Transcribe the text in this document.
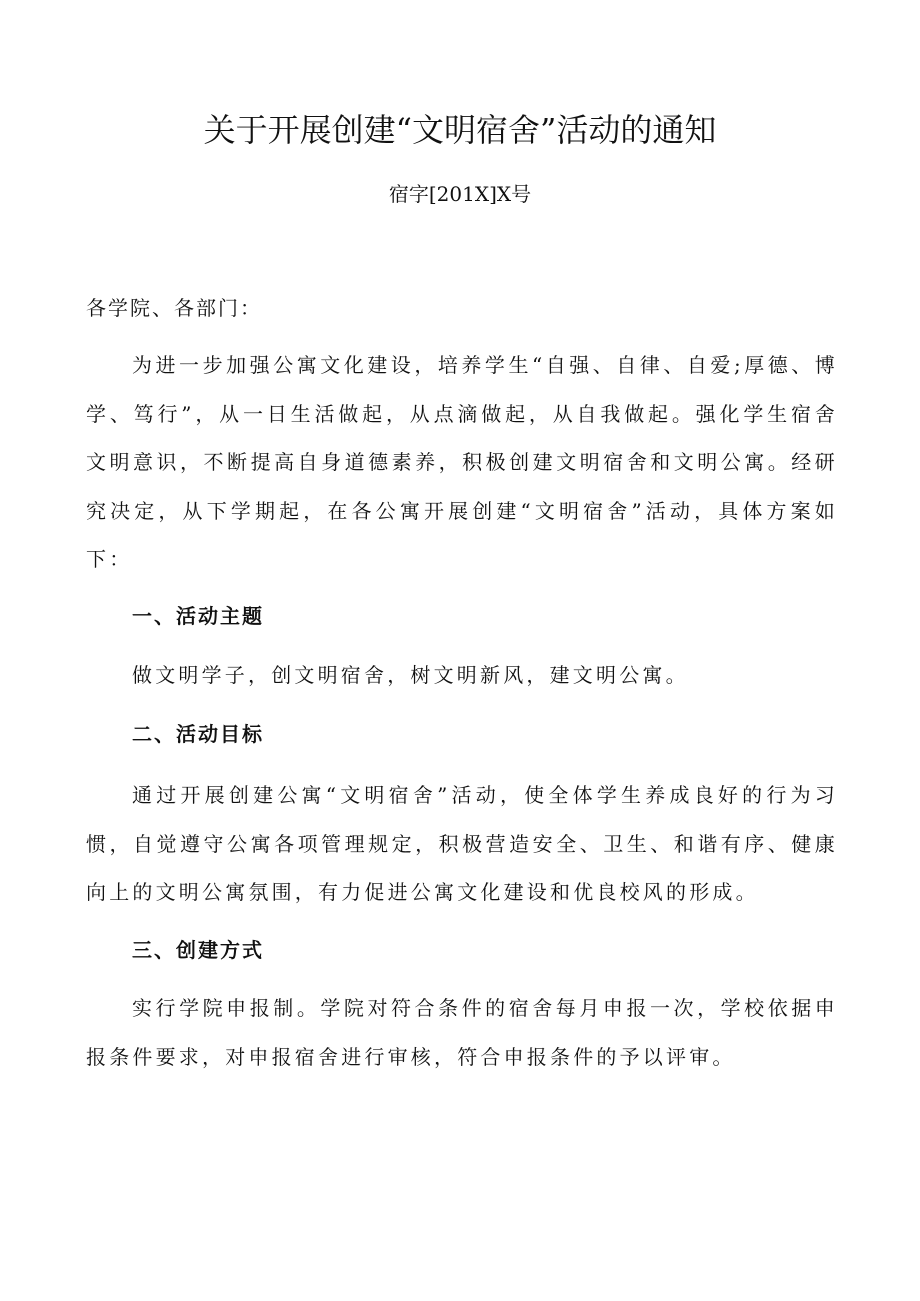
关于开展创建“文明宿舍”活动的通知
宿字[201X]X号
各学院、各部门：

为进一步加强公寓文化建设，培养学生“自强、自律、自爱;厚德、博学、笃行”，从一日生活做起，从点滴做起，从自我做起。强化学生宿舍文明意识，不断提高自身道德素养，积极创建文明宿舍和文明公寓。经研究决定，从下学期起，在各公寓开展创建“文明宿舍”活动，具体方案如下：

一、活动主题

做文明学子，创文明宿舍，树文明新风，建文明公寓。

二、活动目标

通过开展创建公寓“文明宿舍”活动，使全体学生养成良好的行为习惯，自觉遵守公寓各项管理规定，积极营造安全、卫生、和谐有序、健康向上的文明公寓氛围，有力促进公寓文化建设和优良校风的形成。

三、创建方式

实行学院申报制。学院对符合条件的宿舍每月申报一次，学校依据申报条件要求，对申报宿舍进行审核，符合申报条件的予以评审。
